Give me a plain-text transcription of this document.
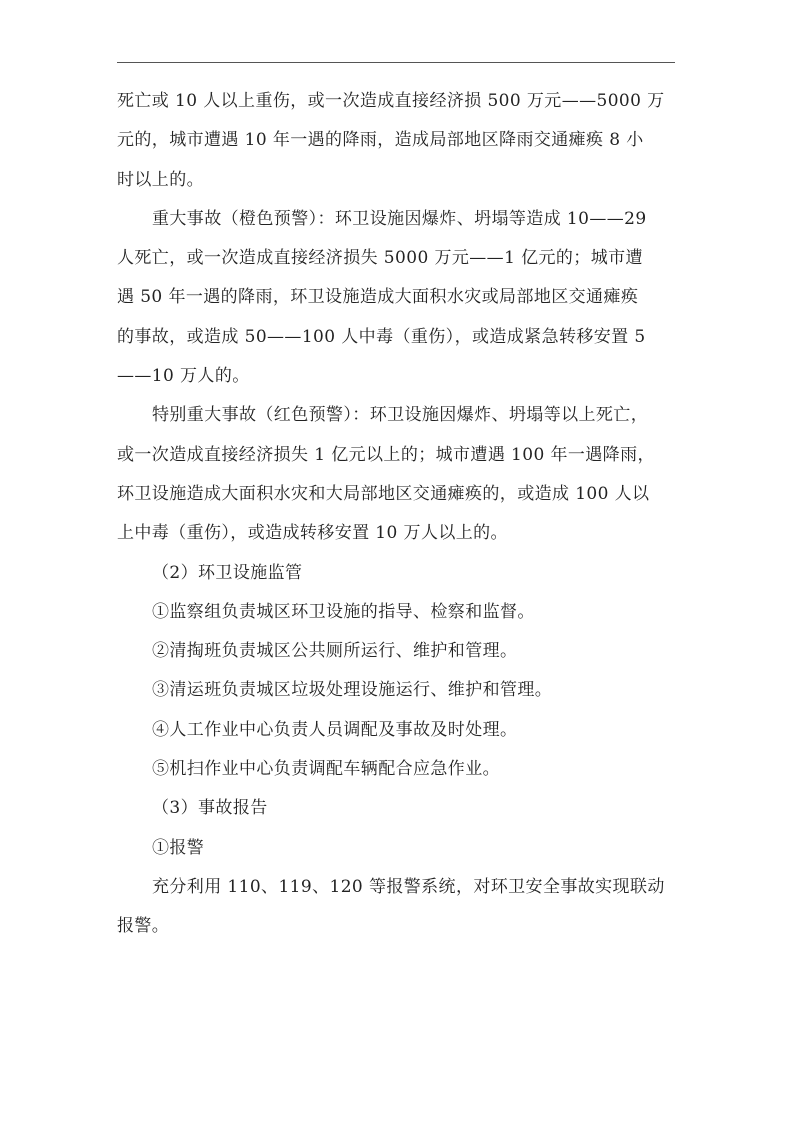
死亡或 10 人以上重伤，或一次造成直接经济损 500 万元——5000 万
元的，城市遭遇 10 年一遇的降雨，造成局部地区降雨交通瘫痪 8 小
时以上的。
重大事故（橙色预警）：环卫设施因爆炸、坍塌等造成 10——29
人死亡，或一次造成直接经济损失 5000 万元——1 亿元的；城市遭
遇 50 年一遇的降雨，环卫设施造成大面积水灾或局部地区交通瘫痪
的事故，或造成 50——100 人中毒（重伤），或造成紧急转移安置 5
——10 万人的。
特别重大事故（红色预警）：环卫设施因爆炸、坍塌等以上死亡，
或一次造成直接经济损失 1 亿元以上的；城市遭遇 100 年一遇降雨，
环卫设施造成大面积水灾和大局部地区交通瘫痪的，或造成 100 人以
上中毒（重伤），或造成转移安置 10 万人以上的。
（2）环卫设施监管
①监察组负责城区环卫设施的指导、检察和监督。
②清掏班负责城区公共厕所运行、维护和管理。
③清运班负责城区垃圾处理设施运行、维护和管理。
④人工作业中心负责人员调配及事故及时处理。
⑤机扫作业中心负责调配车辆配合应急作业。
（3）事故报告
①报警
充分利用 110、119、120 等报警系统，对环卫安全事故实现联动
报警。
